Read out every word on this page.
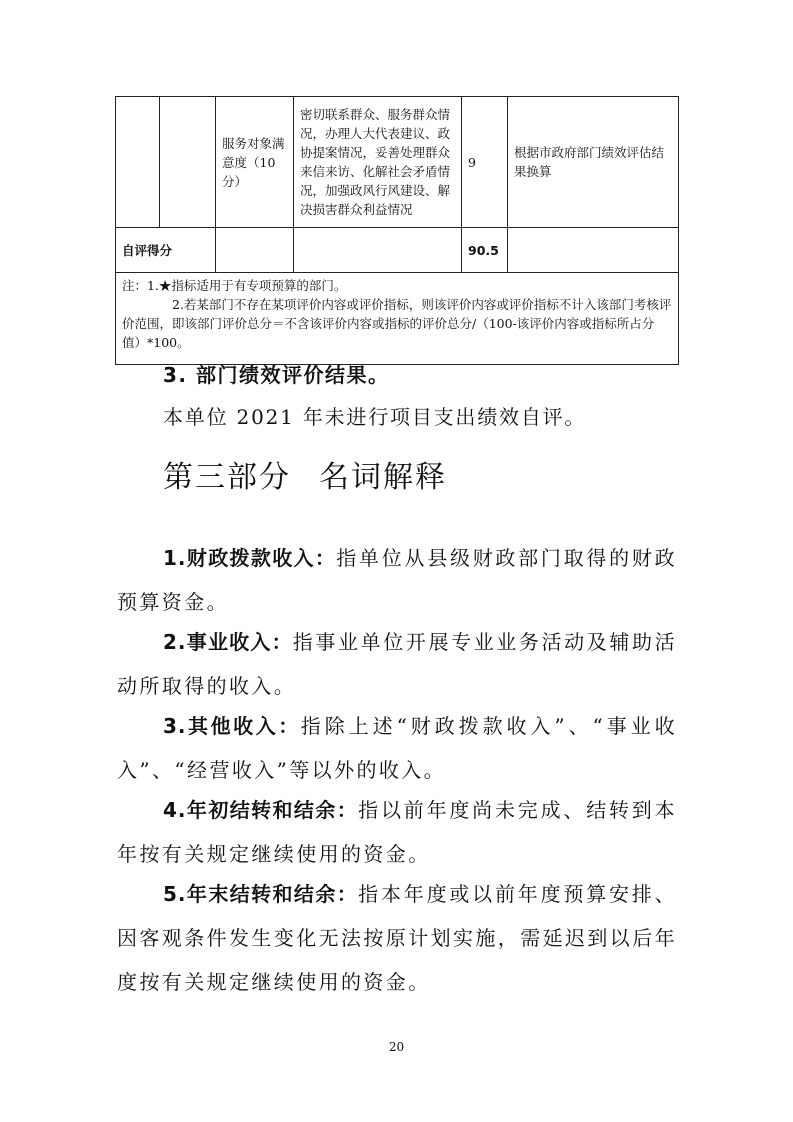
		服务对象满意度（10分）	密切联系群众、服务群众情况，办理人大代表建议、政协提案情况，妥善处理群众来信来访、化解社会矛盾情况，加强政风行风建设、解决损害群众利益情况	9	根据市政府部门绩效评估结果换算
自评得分				90.5	

注：1.★指标适用于有专项预算的部门。
2.若某部门不存在某项评价内容或评价指标，则该评价内容或评价指标不计入该部门考核评价范围，即该部门评价总分＝不含该评价内容或指标的评价总分/（100-该评价内容或指标所占分值）*100。					
3. 部门绩效评价结果。
本单位 2021 年未进行项目支出绩效自评。
第三部分 名词解释
1.财政拨款收入：指单位从县级财政部门取得的财政预算资金。
2.事业收入：指事业单位开展专业业务活动及辅助活动所取得的收入。
3.其他收入：指除上述“财政拨款收入”、“事业收入”、“经营收入”等以外的收入。
4.年初结转和结余：指以前年度尚未完成、结转到本年按有关规定继续使用的资金。
5.年末结转和结余：指本年度或以前年度预算安排、因客观条件发生变化无法按原计划实施，需延迟到以后年度按有关规定继续使用的资金。
20
